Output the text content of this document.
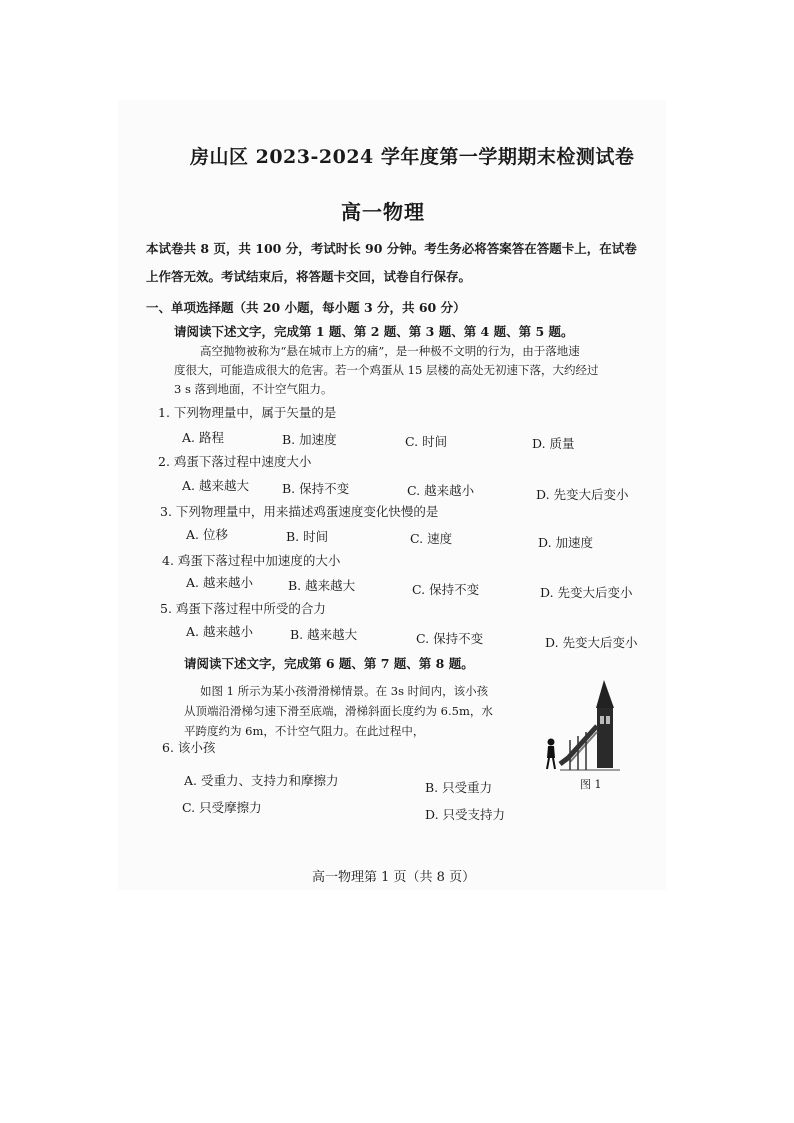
房山区 2023-2024 学年度第一学期期末检测试卷
高一物理
本试卷共 8 页，共 100 分，考试时长 90 分钟。考生务必将答案答在答题卡上，在试卷上作答无效。考试结束后，将答题卡交回，试卷自行保存。
一、单项选择题（共 20 小题，每小题 3 分，共 60 分）
请阅读下述文字，完成第 1 题、第 2 题、第 3 题、第 4 题、第 5 题。
高空抛物被称为“悬在城市上方的痛”，是一种极不文明的行为，由于落地速
度很大，可能造成很大的危害。若一个鸡蛋从 15 层楼的高处无初速下落，大约经过
3 s 落到地面，不计空气阻力。
1. 下列物理量中，属于矢量的是
A. 路程	B. 加速度	C. 时间	D. 质量
2. 鸡蛋下落过程中速度大小
A. 越来越大	B. 保持不变	C. 越来越小	D. 先变大后变小
3. 下列物理量中，用来描述鸡蛋速度变化快慢的是
A. 位移	B. 时间	C. 速度	D. 加速度
4. 鸡蛋下落过程中加速度的大小
A. 越来越小	B. 越来越大	C. 保持不变	D. 先变大后变小
5. 鸡蛋下落过程中所受的合力
A. 越来越小	B. 越来越大	C. 保持不变	D. 先变大后变小
请阅读下述文字，完成第 6 题、第 7 题、第 8 题。
如图 1 所示为某小孩滑滑梯情景。在 3s 时间内，该小孩
从顶端沿滑梯匀速下滑至底端，滑梯斜面长度约为 6.5m，水
平跨度约为 6m，不计空气阻力。在此过程中，
图 1
6. 该小孩
A. 受重力、支持力和摩擦力	B. 只受重力
C. 只受摩擦力	D. 只受支持力
高一物理第 1 页（共 8 页）
